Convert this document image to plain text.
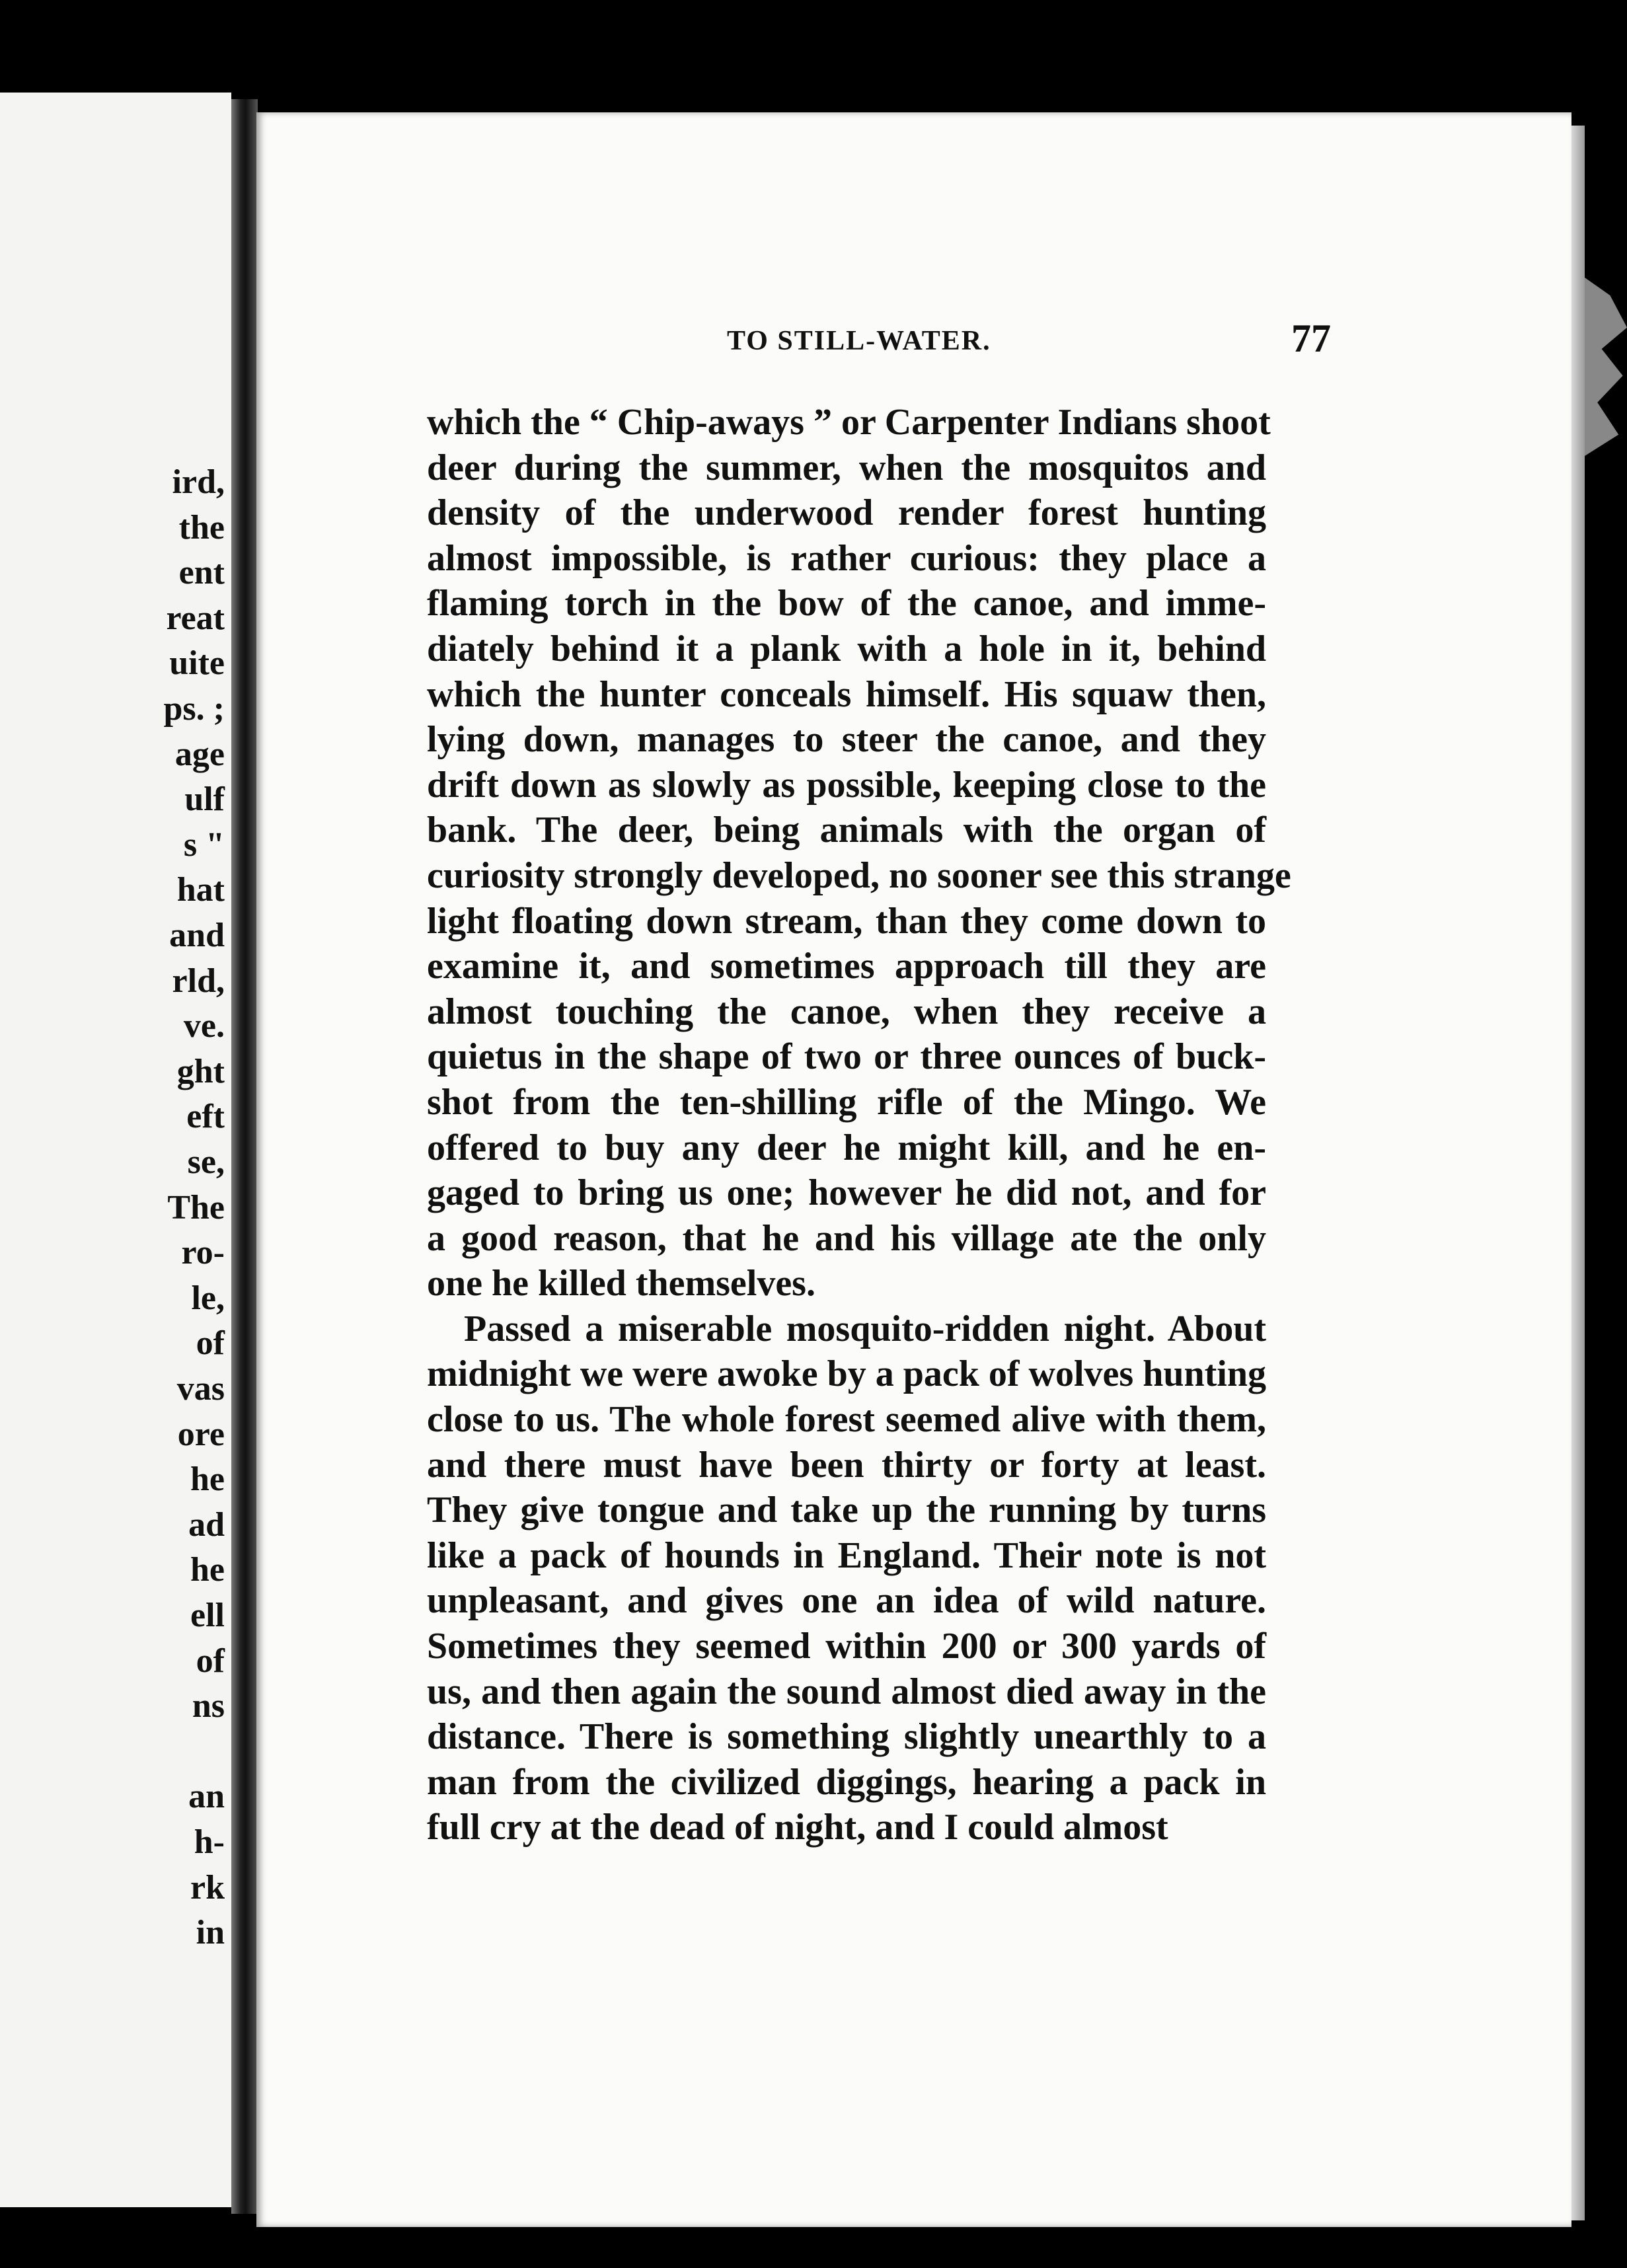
ird,
the
ent
reat
uite
ps. ;
age
ulf
s "
hat
and
rld,
ve.
ght
eft
se,
The
ro-
le,
of
vas
ore
he
ad
he
ell
of
ns
an
h-
rk
in
TO STILL-WATER.	77
which the “ Chip-aways ” or Carpenter Indians shoot
deer during the summer, when the mosquitos and
density of the underwood render forest hunting
almost impossible, is rather curious: they place a
flaming torch in the bow of the canoe, and imme-
diately behind it a plank with a hole in it, behind
which the hunter conceals himself. His squaw then,
lying down, manages to steer the canoe, and they
drift down as slowly as possible, keeping close to the
bank. The deer, being animals with the organ of
curiosity strongly developed, no sooner see this strange
light floating down stream, than they come down to
examine it, and sometimes approach till they are
almost touching the canoe, when they receive a
quietus in the shape of two or three ounces of buck-
shot from the ten-shilling rifle of the Mingo. We
offered to buy any deer he might kill, and he en-
gaged to bring us one; however he did not, and for
a good reason, that he and his village ate the only
one he killed themselves.
Passed a miserable mosquito-ridden night. About
midnight we were awoke by a pack of wolves hunting
close to us. The whole forest seemed alive with them,
and there must have been thirty or forty at least.
They give tongue and take up the running by turns
like a pack of hounds in England. Their note is not
unpleasant, and gives one an idea of wild nature.
Sometimes they seemed within 200 or 300 yards of
us, and then again the sound almost died away in the
distance. There is something slightly unearthly to a
man from the civilized diggings, hearing a pack in
full cry at the dead of night, and I could almost
